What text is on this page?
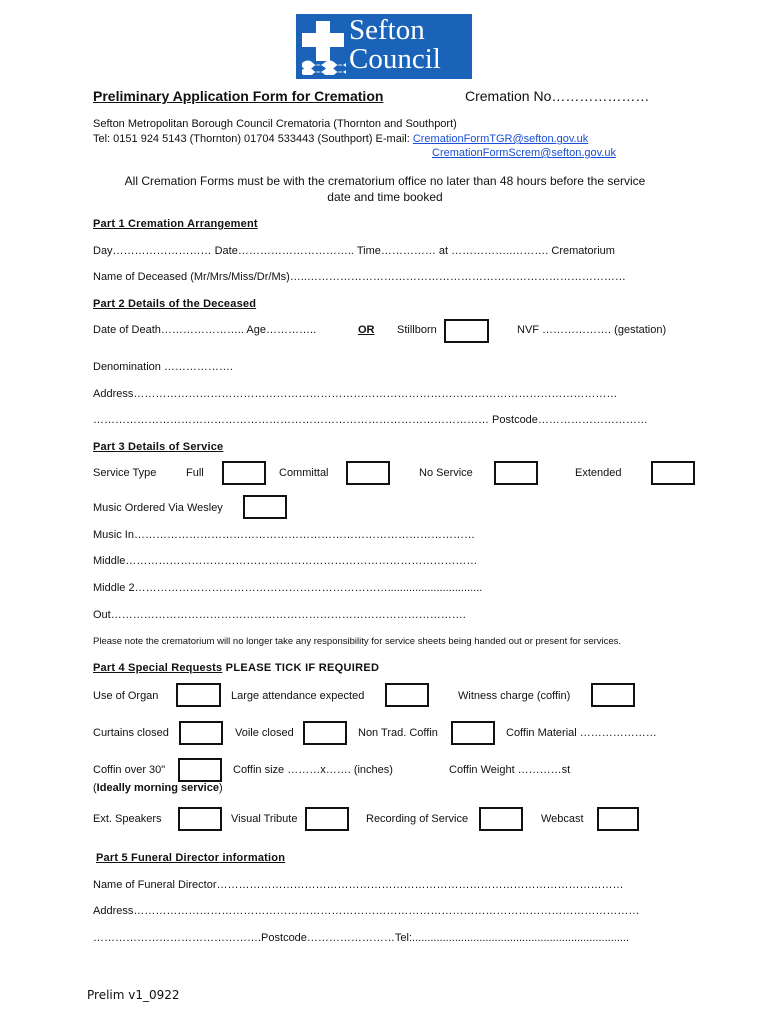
Sefton
Council
Preliminary Application Form for Cremation	Cremation No…………………
Sefton Metropolitan Borough Council Crematoria (Thornton and Southport)
Tel: 0151 924 5143 (Thornton) 01704 533443 (Southport) E-mail: CremationFormTGR@sefton.gov.uk
CremationFormScrem@sefton.gov.uk
All Cremation Forms must be with the crematorium office no later than 48 hours before the service
date and time booked
Part 1 Cremation Arrangement
Day……………………… Date………………………….. Time…………… at ……………..………. Crematorium
Name of Deceased (Mr/Mrs/Miss/Dr/Ms)…..……………………………………………………………………………
Part 2 Details of the Deceased
Date of Death………………….. Age…………..	OR Stillborn	NVF ………………. (gestation)
Denomination ……………….
Address……………………………………………………………………………………………………………………
……………………………………………………………………………………………… Postcode…………………………
Part 3 Details of Service
Service Type	Full	Committal	No Service	Extended
Music Ordered Via Wesley
Music In…………………………………………………………………………………
Middle……………………………………………………………………………………
Middle 2……………………………………………………………...............................
Out…………………………………………………………………………………….
Please note the crematorium will no longer take any responsibility for service sheets being handed out or present for services.
Part 4 Special Requests PLEASE TICK IF REQUIRED
Use of Organ	Large attendance expected	Witness charge (coffin)
Curtains closed	Voile closed	Non Trad. Coffin	Coffin Material …………………
Coffin over 30"	Coffin size ………x……. (inches)	Coffin Weight …………st
(Ideally morning service)
Ext. Speakers	Visual Tribute	Recording of Service	Webcast
Part 5 Funeral Director information
Name of Funeral Director…………………………………………………………………………………………………
Address…………………………………………………………………………………………………………………………
……………………………………….Postcode……………………Tel:.......................................................................
Prelim v1_0922
